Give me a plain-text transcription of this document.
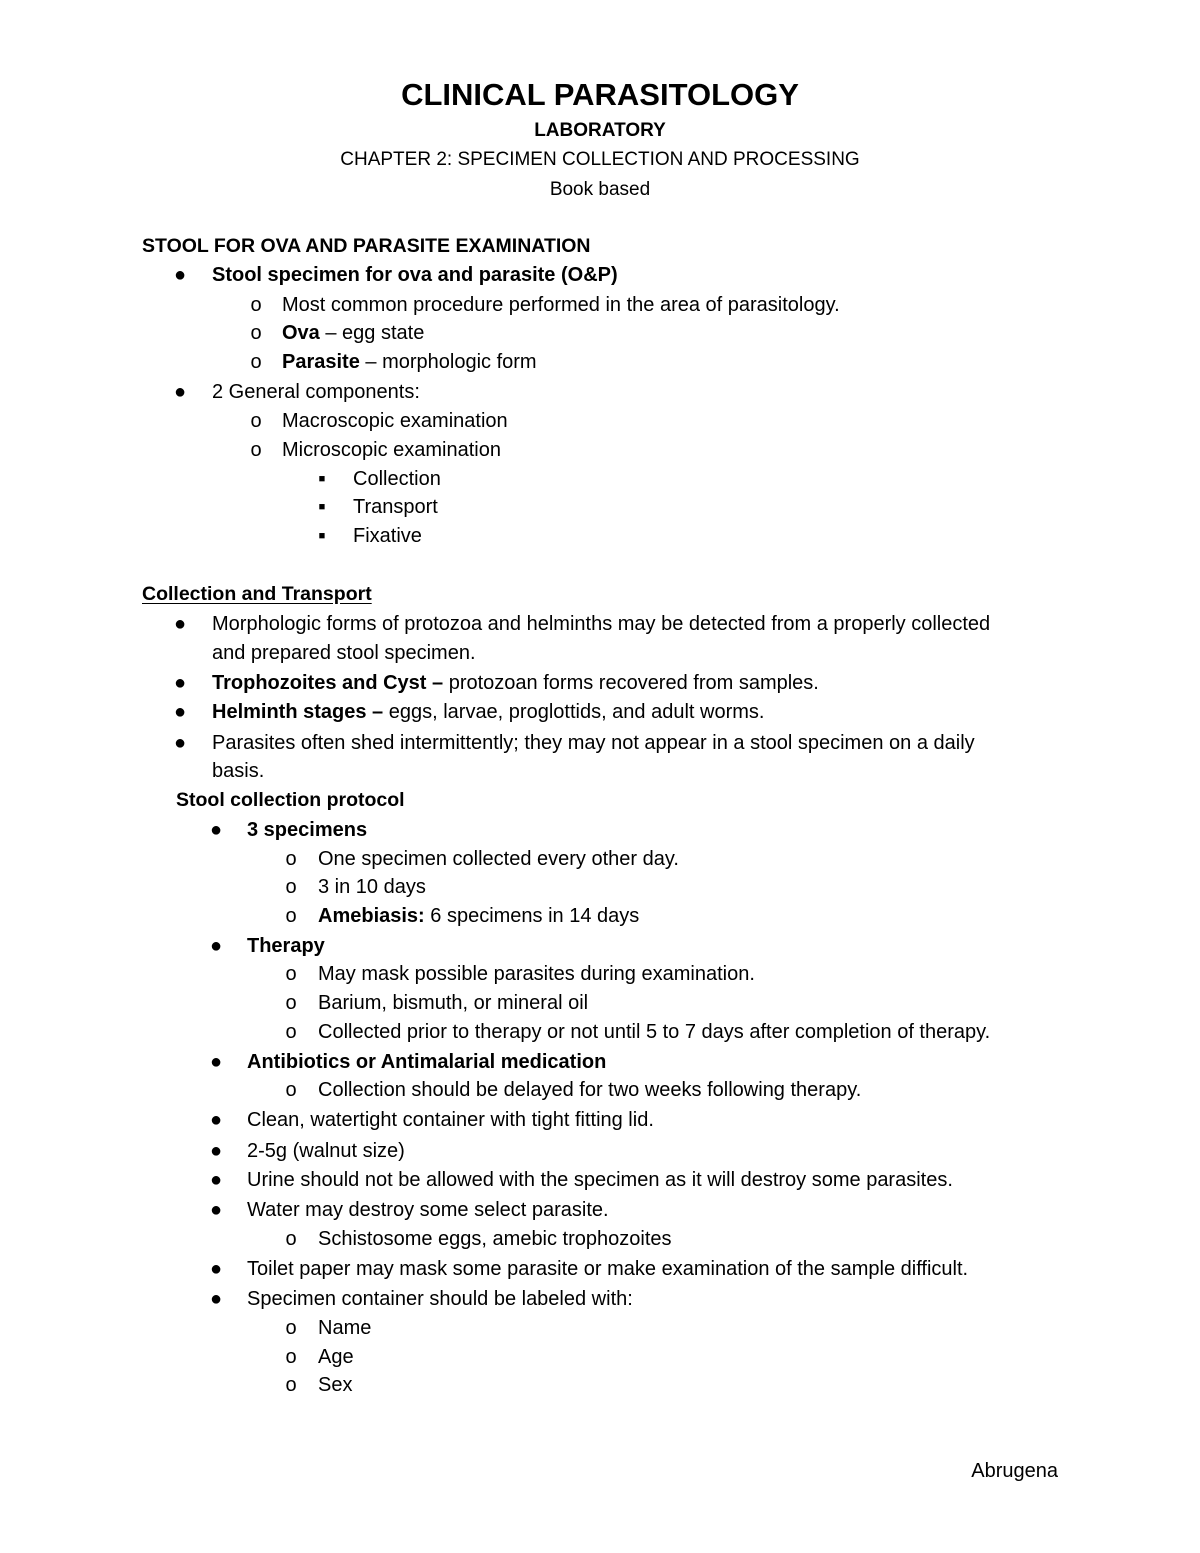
CLINICAL PARASITOLOGY
LABORATORY
CHAPTER 2: SPECIMEN COLLECTION AND PROCESSING
Book based
STOOL FOR OVA AND PARASITE EXAMINATION
● Stool specimen for ova and parasite (O&P)
o Most common procedure performed in the area of parasitology.
o Ova – egg state
o Parasite – morphologic form
● 2 General components:
o Macroscopic examination
o Microscopic examination
■	Collection
■	Transport
■	Fixative
Collection and Transport
● Morphologic forms of protozoa and helminths may be detected from a properly collected
and prepared stool specimen.
● Trophozoites and Cyst – protozoan forms recovered from samples.
● Helminth stages – eggs, larvae, proglottids, and adult worms.
● Parasites often shed intermittently; they may not appear in a stool specimen on a daily
basis.
Stool collection protocol
● 3 specimens
o One specimen collected every other day.
o 3 in 10 days
o Amebiasis: 6 specimens in 14 days
● Therapy
o May mask possible parasites during examination.
o Barium, bismuth, or mineral oil
o Collected prior to therapy or not until 5 to 7 days after completion of therapy.
● Antibiotics or Antimalarial medication
o Collection should be delayed for two weeks following therapy.
● Clean, watertight container with tight fitting lid.
● 2-5g (walnut size)
● Urine should not be allowed with the specimen as it will destroy some parasites.
● Water may destroy some select parasite.
o Schistosome eggs, amebic trophozoites
● Toilet paper may mask some parasite or make examination of the sample difficult.
● Specimen container should be labeled with:
o Name
o Age
o Sex
Abrugena
